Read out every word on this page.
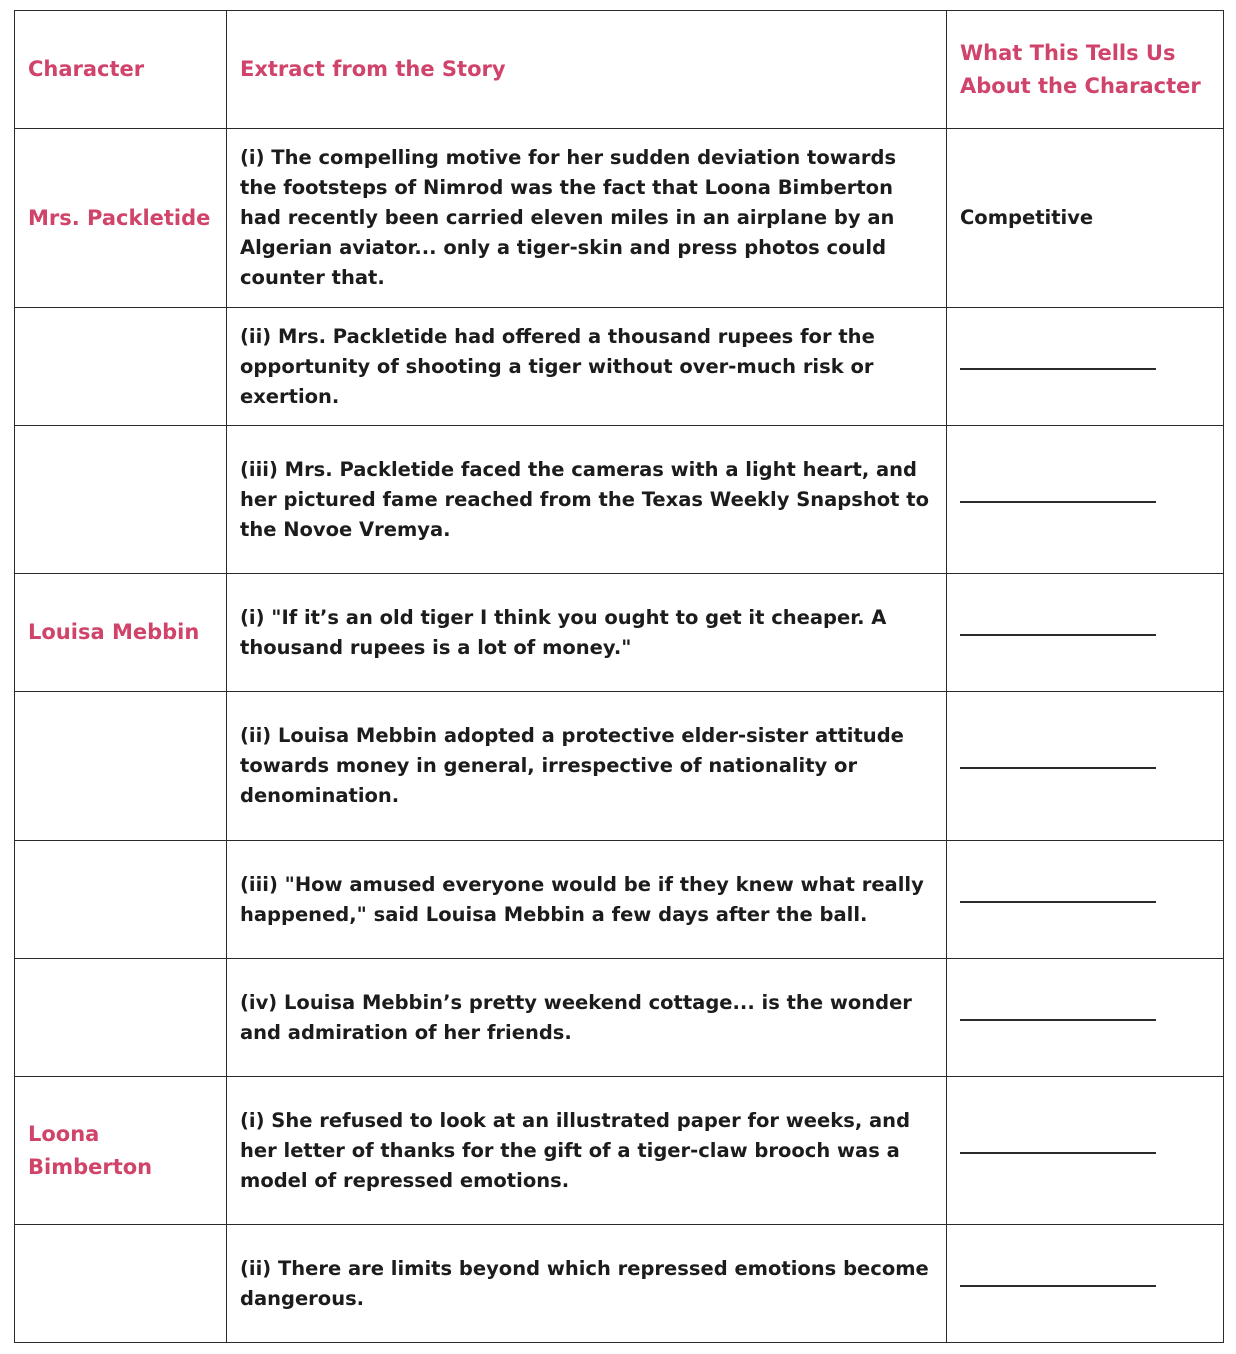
Character	Extract from the Story	What This Tells Us About the Character
Mrs. Packletide	(i) The compelling motive for her sudden deviation towards the footsteps of Nimrod was the fact that Loona Bimberton had recently been carried eleven miles in an airplane by an Algerian aviator... only a tiger-skin and press photos could counter that.	Competitive
	(ii) Mrs. Packletide had offered a thousand rupees for the opportunity of shooting a tiger without over-much risk or exertion.	

	(iii) Mrs. Packletide faced the cameras with a light heart, and her pictured fame reached from the Texas Weekly Snapshot to the Novoe Vremya.	

Louisa Mebbin	(i) "If it’s an old tiger I think you ought to get it cheaper. A thousand rupees is a lot of money."	

	(ii) Louisa Mebbin adopted a protective elder-sister attitude towards money in general, irrespective of nationality or denomination.	

	(iii) "How amused everyone would be if they knew what really happened," said Louisa Mebbin a few days after the ball.	

	(iv) Louisa Mebbin’s pretty weekend cottage... is the wonder and admiration of her friends.	

Loona Bimberton	(i) She refused to look at an illustrated paper for weeks, and her letter of thanks for the gift of a tiger-claw brooch was a model of repressed emotions.	

	(ii) There are limits beyond which repressed emotions become dangerous.	
